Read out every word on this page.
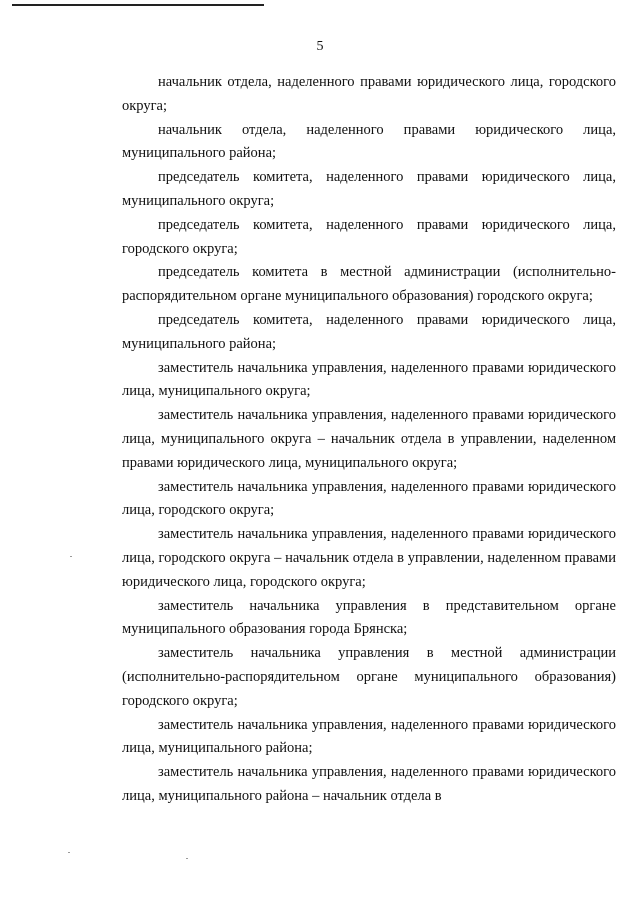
5

начальник отдела, наделенного правами юридического лица, городского округа;

начальник отдела, наделенного правами юридического лица, муниципального района;

председатель комитета, наделенного правами юридического лица, муниципального округа;

председатель комитета, наделенного правами юридического лица, городского округа;

председатель комитета в местной администрации (исполнительно-распорядительном органе муниципального образования) городского округа;

председатель комитета, наделенного правами юридического лица, муниципального района;

заместитель начальника управления, наделенного правами юридического лица, муниципального округа;

заместитель начальника управления, наделенного правами юридического лица, муниципального округа – начальник отдела в управлении, наделенном правами юридического лица, муниципального округа;

заместитель начальника управления, наделенного правами юридического лица, городского округа;

заместитель начальника управления, наделенного правами юридического лица, городского округа – начальник отдела в управлении, наделенном правами юридического лица, городского округа;

заместитель начальника управления в представительном органе муниципального образования города Брянска;

заместитель начальника управления в местной администрации (исполнительно-распорядительном органе муниципального образования) городского округа;

заместитель начальника управления, наделенного правами юридического лица, муниципального района;

заместитель начальника управления, наделенного правами юридического лица, муниципального района – начальник отдела в
